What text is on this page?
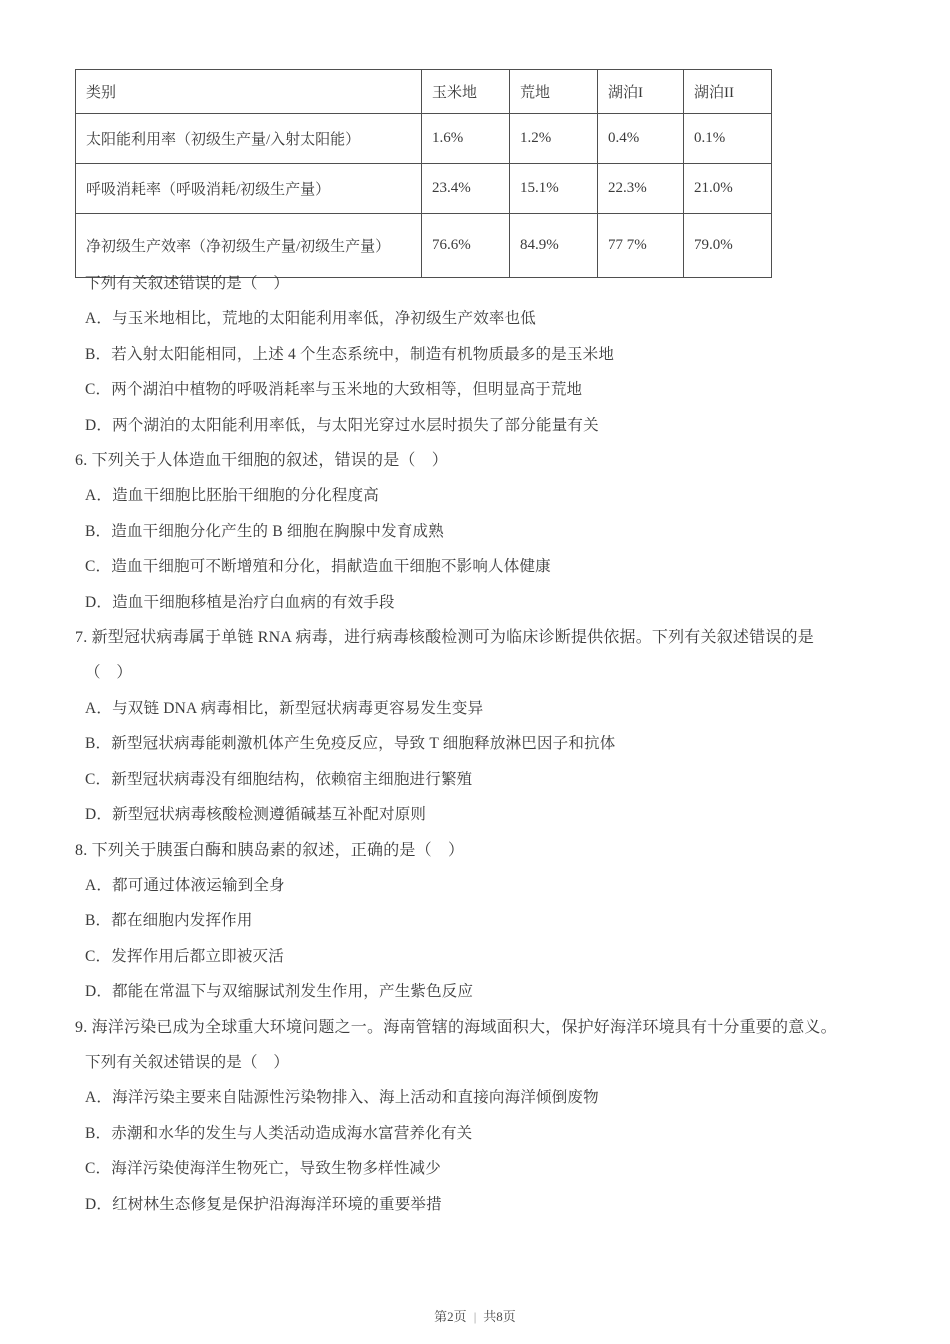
类别	玉米地	荒地	湖泊I	湖泊II
太阳能利用率（初级生产量/入射太阳能）	1.6%	1.2%	0.4%	0.1%
呼吸消耗率（呼吸消耗/初级生产量）	23.4%	15.1%	22.3%	21.0%
净初级生产效率（净初级生产量/初级生产量）	76.6%	84.9%	77 7%	79.0%

下列有关叙述错误的是（　）

A．与玉米地相比，荒地的太阳能利用率低，净初级生产效率也低

B．若入射太阳能相同，上述 4 个生态系统中，制造有机物质最多的是玉米地

C．两个湖泊中植物的呼吸消耗率与玉米地的大致相等，但明显高于荒地

D．两个湖泊的太阳能利用率低，与太阳光穿过水层时损失了部分能量有关

6. 下列关于人体造血干细胞的叙述，错误的是（　）

A．造血干细胞比胚胎干细胞的分化程度高

B．造血干细胞分化产生的 B 细胞在胸腺中发育成熟

C．造血干细胞可不断增殖和分化，捐献造血干细胞不影响人体健康

D．造血干细胞移植是治疗白血病的有效手段

7. 新型冠状病毒属于单链 RNA 病毒，进行病毒核酸检测可为临床诊断提供依据。下列有关叙述错误的是

（　）

A．与双链 DNA 病毒相比，新型冠状病毒更容易发生变异

B．新型冠状病毒能刺激机体产生免疫反应，导致 T 细胞释放淋巴因子和抗体

C．新型冠状病毒没有细胞结构，依赖宿主细胞进行繁殖

D．新型冠状病毒核酸检测遵循碱基互补配对原则

8. 下列关于胰蛋白酶和胰岛素的叙述，正确的是（　）

A．都可通过体液运输到全身

B．都在细胞内发挥作用

C．发挥作用后都立即被灭活

D．都能在常温下与双缩脲试剂发生作用，产生紫色反应

9. 海洋污染已成为全球重大环境问题之一。海南管辖的海域面积大，保护好海洋环境具有十分重要的意义。

下列有关叙述错误的是（　）

A．海洋污染主要来自陆源性污染物排入、海上活动和直接向海洋倾倒废物

B．赤潮和水华的发生与人类活动造成海水富营养化有关

C．海洋污染使海洋生物死亡，导致生物多样性减少

D．红树林生态修复是保护沿海海洋环境的重要举措

第2页 | 共8页
